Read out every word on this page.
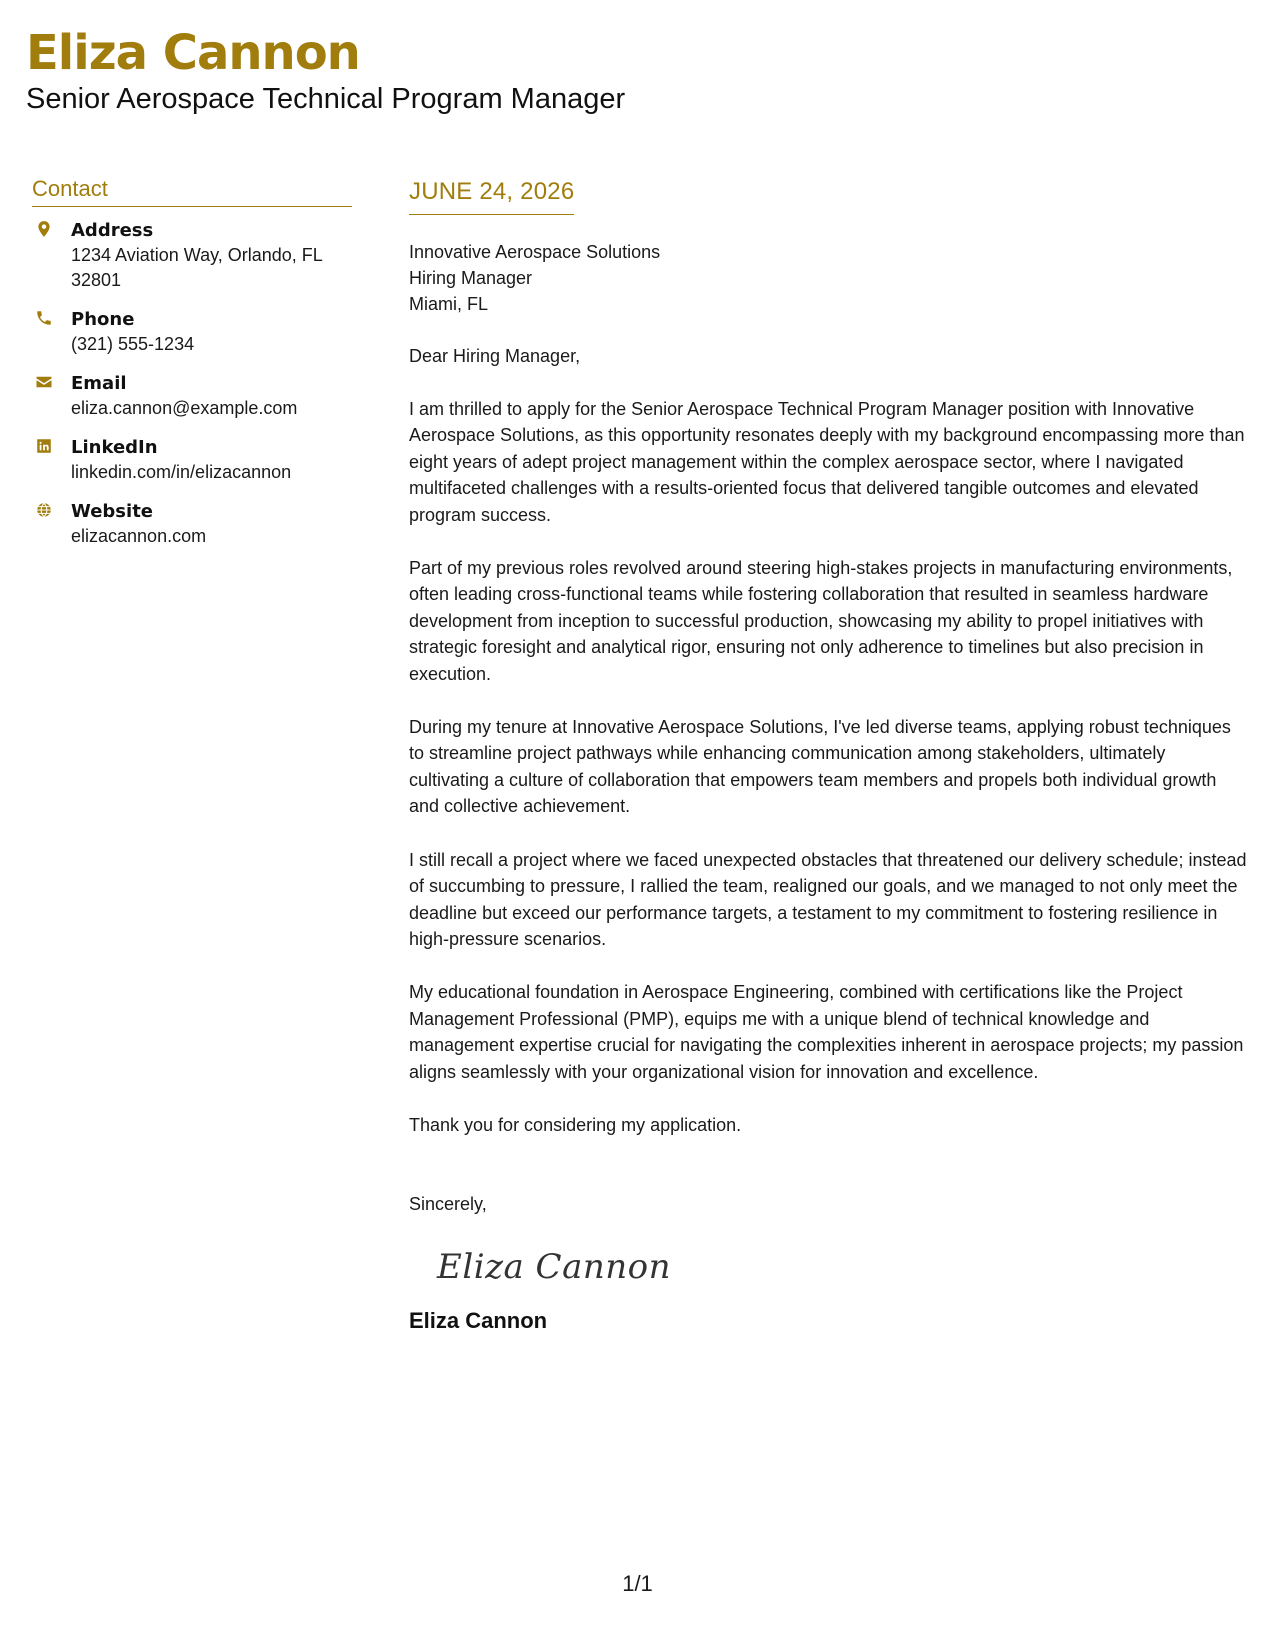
Eliza Cannon
Senior Aerospace Technical Program Manager
Contact
Address
1234 Aviation Way, Orlando, FL 32801
Phone
(321) 555-1234
Email
eliza.cannon@example.com
LinkedIn
linkedin.com/in/elizacannon
Website
elizacannon.com
JUNE 24, 2026
Innovative Aerospace Solutions
Hiring Manager
Miami, FL
Dear Hiring Manager,

I am thrilled to apply for the Senior Aerospace Technical Program Manager position with Innovative Aerospace Solutions, as this opportunity resonates deeply with my background encompassing more than eight years of adept project management within the complex aerospace sector, where I navigated multifaceted challenges with a results-oriented focus that delivered tangible outcomes and elevated program success.

Part of my previous roles revolved around steering high-stakes projects in manufacturing environments, often leading cross-functional teams while fostering collaboration that resulted in seamless hardware development from inception to successful production, showcasing my ability to propel initiatives with strategic foresight and analytical rigor, ensuring not only adherence to timelines but also precision in execution.

During my tenure at Innovative Aerospace Solutions, I've led diverse teams, applying robust techniques to streamline project pathways while enhancing communication among stakeholders, ultimately cultivating a culture of collaboration that empowers team members and propels both individual growth and collective achievement.

I still recall a project where we faced unexpected obstacles that threatened our delivery schedule; instead of succumbing to pressure, I rallied the team, realigned our goals, and we managed to not only meet the deadline but exceed our performance targets, a testament to my commitment to fostering resilience in high-pressure scenarios.

My educational foundation in Aerospace Engineering, combined with certifications like the Project Management Professional (PMP), equips me with a unique blend of technical knowledge and management expertise crucial for navigating the complexities inherent in aerospace projects; my passion aligns seamlessly with your organizational vision for innovation and excellence.

Thank you for considering my application.

Sincerely,
Eliza Cannon
Eliza Cannon
1/1
